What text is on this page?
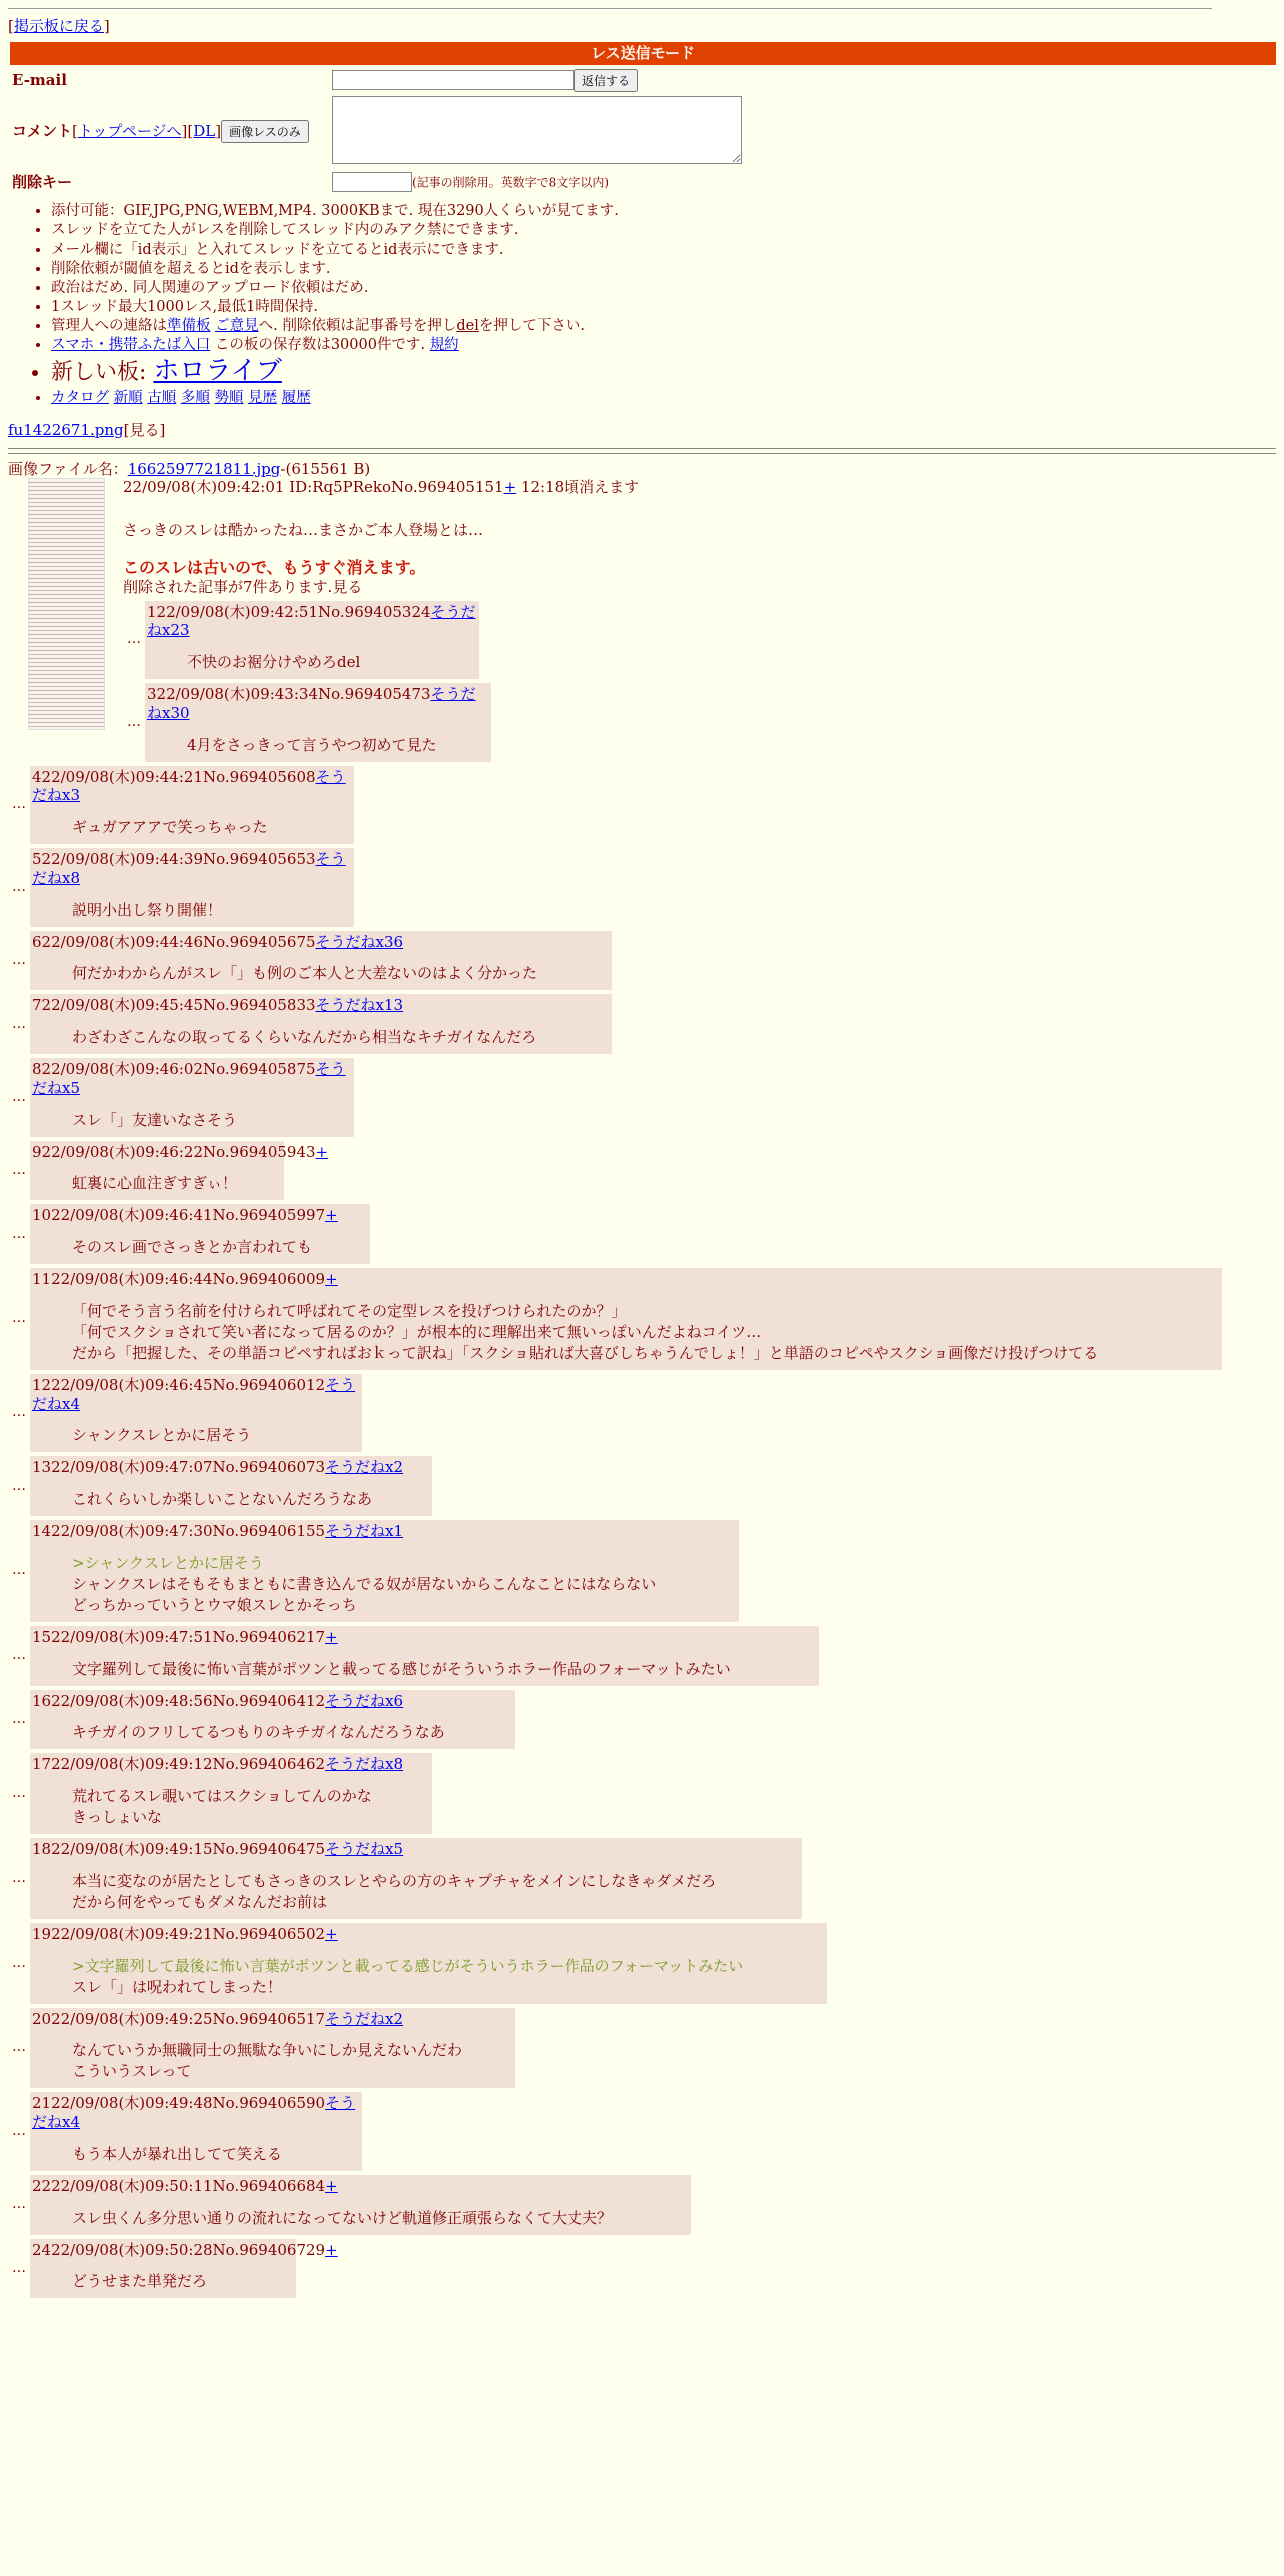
[掲示板に戻る]
レス送信モード
E-mail	返信する
コメント[トップページへ][DL] 画像レスのみ	
削除キー	(記事の削除用。英数字で8文字以内)
• 添付可能：GIF,JPG,PNG,WEBM,MP4. 3000KBまで. 現在3290人くらいが見てます.
• スレッドを立てた人がレスを削除してスレッド内のみアク禁にできます.
• メール欄に「id表示」と入れてスレッドを立てるとid表示にできます.
• 削除依頼が閾値を超えるとidを表示します.
• 政治はだめ. 同人関連のアップロード依頼はだめ.
• 1スレッド最大1000レス,最低1時間保持.
• 管理人への連絡は準備板 ご意見へ. 削除依頼は記事番号を押しdelを押して下さい.
• スマホ・携帯ふたば入口 この板の保存数は30000件です. 規約
• 新しい板: ホロライブ
• カタログ 新順 古順 多順 勢順 見歴 履歴
fu1422671.png[見る]
画像ファイル名：1662597721811.jpg-(615561 B)
22/09/08(木)09:42:01 ID:Rq5PRekoNo.969405151+ 12:18頃消えます
さっきのスレは酷かったね…まさかご本人登場とは…
このスレは古いので、もうすぐ消えます。
削除された記事が7件あります.見る
…
122/09/08(木)09:42:51No.969405324そうだねx23
不快のお裾分けやめろdel
…
322/09/08(木)09:43:34No.969405473そうだねx30
4月をさっきって言うやつ初めて見た
…
422/09/08(木)09:44:21No.969405608そうだねx3
ギュガアアアで笑っちゃった
…
522/09/08(木)09:44:39No.969405653そうだねx8
説明小出し祭り開催！
…
622/09/08(木)09:44:46No.969405675そうだねx36
何だかわからんがスレ「」も例のご本人と大差ないのはよく分かった
…
722/09/08(木)09:45:45No.969405833そうだねx13
わざわざこんなの取ってるくらいなんだから相当なキチガイなんだろ
…
822/09/08(木)09:46:02No.969405875そうだねx5
スレ「」友達いなさそう
…
922/09/08(木)09:46:22No.969405943+
虹裏に心血注ぎすぎぃ！
…
1022/09/08(木)09:46:41No.969405997+
そのスレ画でさっきとか言われても
…
1122/09/08(木)09:46:44No.969406009+
「何でそう言う名前を付けられて呼ばれてその定型レスを投げつけられたのか？」
「何でスクショされて笑い者になって居るのか？」が根本的に理解出来て無いっぽいんだよねコイツ…
だから「把握した、その単語コピペすればおｋって訳ね」「スクショ貼れば大喜びしちゃうんでしょ！」と単語のコピペやスクショ画像だけ投げつけてる
…
1222/09/08(木)09:46:45No.969406012そうだねx4
シャンクスレとかに居そう
…
1322/09/08(木)09:47:07No.969406073そうだねx2
これくらいしか楽しいことないんだろうなあ
…
1422/09/08(木)09:47:30No.969406155そうだねx1
>シャンクスレとかに居そう
シャンクスレはそもそもまともに書き込んでる奴が居ないからこんなことにはならない
どっちかっていうとウマ娘スレとかそっち
…
1522/09/08(木)09:47:51No.969406217+
文字羅列して最後に怖い言葉がポツンと載ってる感じがそういうホラー作品のフォーマットみたい
…
1622/09/08(木)09:48:56No.969406412そうだねx6
キチガイのフリしてるつもりのキチガイなんだろうなあ
…
1722/09/08(木)09:49:12No.969406462そうだねx8
荒れてるスレ覗いてはスクショしてんのかな
きっしょいな
…
1822/09/08(木)09:49:15No.969406475そうだねx5
本当に変なのが居たとしてもさっきのスレとやらの方のキャプチャをメインにしなきゃダメだろ
だから何をやってもダメなんだお前は
…
1922/09/08(木)09:49:21No.969406502+
>文字羅列して最後に怖い言葉がポツンと載ってる感じがそういうホラー作品のフォーマットみたい
スレ「」は呪われてしまった！
…
2022/09/08(木)09:49:25No.969406517そうだねx2
なんていうか無職同士の無駄な争いにしか見えないんだわ
こういうスレって
…
2122/09/08(木)09:49:48No.969406590そうだねx4
もう本人が暴れ出してて笑える
…
2222/09/08(木)09:50:11No.969406684+
スレ虫くん多分思い通りの流れになってないけど軌道修正頑張らなくて大丈夫？
…
2422/09/08(木)09:50:28No.969406729+
どうせまた単発だろ
